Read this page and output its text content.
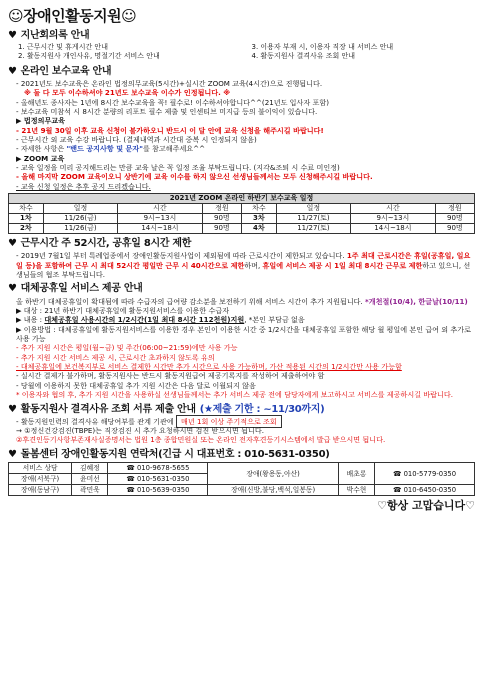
☺장애인활동지원☺
♥ 지난회의록 안내
1. 근무시간 및 휴게시간 안내	3. 이용자 부재 시, 이용자 직장 내 서비스 안내
2. 활동지원사 개인사유, 명절기간 서비스 안내	4. 활동지원사 결격사유 조회 안내
♥ 온라인 보수교육 안내

- 2021년도 보수교육은 온라인 법정의무교육(5시간)+실시간 ZOOM 교육(4시간)으로 진행됩니다.

※ 둘 다 모두 이수하셔야 21년도 보수교육 이수가 인정됩니다. ※

- 올해년도 종사자는 1년에 8시간 보수교육을 꼭! 필수로! 이수하셔야합니다^^(21년도 입사자 포함)

- 보수교육 미참석 시 8시간 분량의 리포트 필수 제출 및 인센티브 미지급 등의 불이익이 있습니다.

▶ 법정의무교육

- 21년 9월 30일 이후 교육 신청이 불가하오니 반드시 이 달 안에 교육 신청을 해주시길 바랍니다!

- 근무시간 외 교육 수강 바랍니다. (결제내역과 시간대 중복 시 인정되지 않음)

- 자세한 사항은 "밴드 공지사항 및 문자"를 참고해주세요^^

▶ ZOOM 교육

- 교육 일정을 미리 공지해드리는 만큼 교육 날은 꼭 일정 조율 부탁드립니다. (지각&조퇴 시 수료 미인정)

- 올해 마지막 ZOOM 교육이오니 상반기에 교육 이수를 하지 않으신 선생님들께서는 모두 신청해주시길 바랍니다.

- 교육 신청 일정은 추후 공지 드리겠습니다.

2021년 ZOOM 온라인 하반기 보수교육 일정							
차수	일정	시간	정원	차수	일정	시간	정원
1차	11/26(금)	9시~13시	90명	3차	11/27(토)	9시~13시	90명
2차	11/26(금)	14시~18시	90명	4차	11/27(토)	14시~18시	90명
♥ 근무시간 주 52시간, 공휴일 8시간 제한

- 2019년 7월1일 부터 특례업종에서 장애인활동지원사업이 제외됨에 따라 근로시간이 제한되고 있습니다. 1주 최대 근로시간은 휴일(공휴일, 일요일 등)을 포함하여 근무 시 최대 52시간 평일만 근무 시 40시간으로 제한하며, 휴일에 서비스 제공 시 1일 최대 8시간 근무로 제한하고 있으니, 선생님들의 협조 부탁드립니다.

♥ 대체공휴일 서비스 제공 안내

올 하반기 대체공휴일이 확대됨에 따라 수급자의 급여량 감소분을 보전하기 위해 서비스 시간이 추가 지원됩니다. *개천절(10/4), 한글날(10/11)

▶ 대상 : 21년 하반기 대체공휴일에 활동지원서비스를 이용한 수급자

▶ 내용 : 대체공휴일 사용시간의 1/2시간(1일 최대 8시간 112천원)지원, *본인 부담금 없음

▶ 이용방법 : 대체공휴일에 활동지원서비스를 이용한 경우 본인이 이용한 시간 중 1/2시간을 대체공휴일 포함한 해당 월 평일에 본인 급여 외 추가로 사용 가능

- 추가 지원 시간은 평일(월~금) 및 주간(06:00~21:59)에만 사용 가능

- 추가 지원 시간 서비스 제공 시, 근로시간 초과하지 않도록 유의

- 대체공휴일에 보건복지부로 서비스 결제한 시간만 추가 시간으로 사용 가능하며, 가산 적용된 시간의 1/2시간만 사용 가능함

- 실시간 결제가 불가하며, 활동지원사는 반드시 활동지원급여 제공기록지를 작성하여 제출하여야 함

- 당월에 이용하지 못한 대체공휴일 추가 지원 시간은 다음 달로 이월되지 않음

* 이용자와 협의 후, 추가 지원 시간을 사용하실 선생님들께서는 추가 서비스 제공 전에 담당자에게 보고하시고 서비스를 제공하시길 바랍니다.

♥ 활동지원사 결격사유 조회 서류 제출 안내 (★제출 기한 : ~11/30까지)

- 활동지원인력의 결격사유 해당여부를 관계 기관에 매년 1회 이상 주기적으로 조회

→ ①정신건강검진(TBPE)는 직장검진 시 추가 요청하시면 검진 받으시면 됩니다.

②후견인등기사항부존재사실증명서는 법원 1층 종합민원실 또는 온라인 전자후견등기시스템에서 발급 받으시면 됩니다.

♥ 돌봄센터 장애인활동지원 연락처(긴급 시 대표번호 : 010-5631-0350)
서비스 상담	김혜정	☎ 010-9678-5655	장애(왕용동,아산)	배초롱	☎ 010-5779-0350
장애(서북구)	윤미선	☎ 010-5631-0350			
장애(동남구)	곽민욱	☎ 010-5639-0350	장애(신방,불당,백석,일봉동)	박수현	☎ 010-6450-0350
♡항상 고맙습니다♡
